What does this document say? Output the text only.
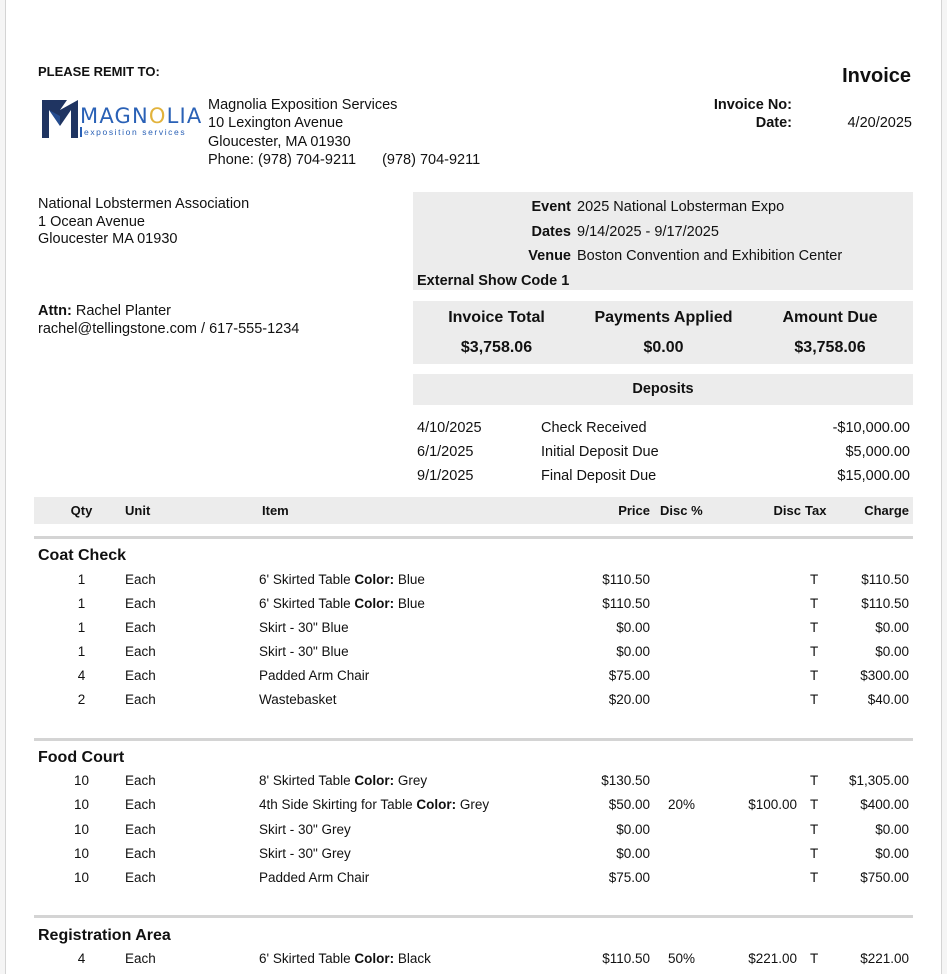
PLEASE REMIT TO:
MAGNOLIA
exposition services
Magnolia Exposition Services
10 Lexington Avenue
Gloucester, MA 01930
Phone: (978) 704-9211 (978) 704-9211
Invoice
Invoice No:
Date:	4/20/2025
National Lobstermen Association
1 Ocean Avenue
Gloucester MA 01930
Attn: Rachel Planter
rachel@tellingstone.com / 617-555-1234
Event 2025 National Lobsterman Expo
Dates 9/14/2025 - 9/17/2025
Venue Boston Convention and Exhibition Center
External Show Code 1
Invoice Total
$3,758.06
Payments Applied
$0.00
Amount Due
$3,758.06
Deposits
4/10/2025	Check Received	-$10,000.00
6/1/2025	Initial Deposit Due	$5,000.00
9/1/2025	Final Deposit Due	$15,000.00
Qty	Unit	Item	Price Disc %	Disc Tax	Charge
Coat Check
1	Each	6' Skirted Table Color: Blue	$110.50	T	$110.50
1	Each	6' Skirted Table Color: Blue	$110.50	T	$110.50
1	Each	Skirt - 30" Blue	$0.00	T	$0.00
1	Each	Skirt - 30" Blue	$0.00	T	$0.00
4	Each	Padded Arm Chair	$75.00	T	$300.00
2	Each	Wastebasket	$20.00	T	$40.00
Food Court
10	Each	8' Skirted Table Color: Grey	$130.50	T $1,305.00
10	Each	4th Side Skirting for Table Color: Grey	$50.00 20%	$100.00 T	$400.00
10	Each	Skirt - 30" Grey	$0.00	T	$0.00
10	Each	Skirt - 30" Grey	$0.00	T	$0.00
10	Each	Padded Arm Chair	$75.00	T	$750.00
Registration Area
4	Each	6' Skirted Table Color: Black	$110.50 50%	$221.00 T	$221.00
